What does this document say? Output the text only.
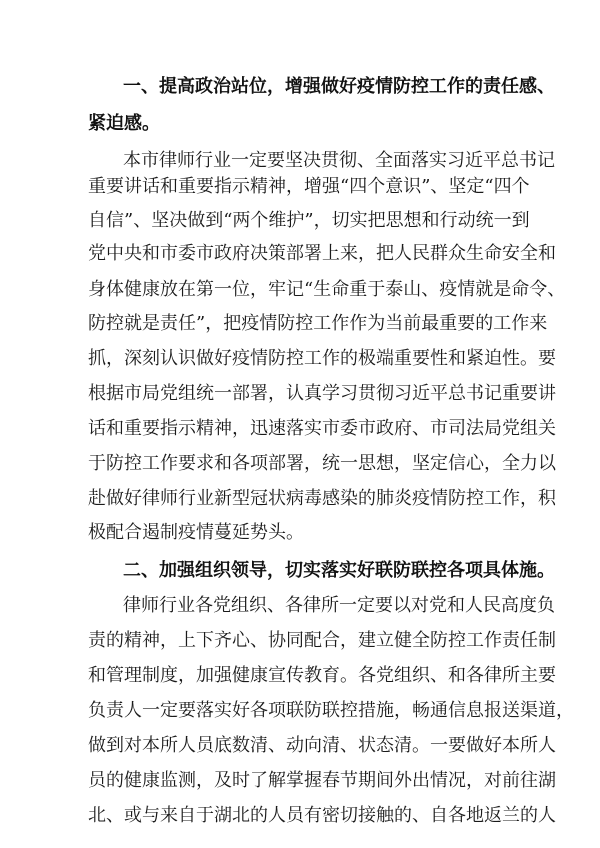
一、提高政治站位，增强做好疫情防控工作的责任感、
紧迫感。
本市律师行业一定要坚决贯彻、全面落实习近平总书记
重要讲话和重要指示精神，增强“四个意识”、坚定“四个
自信”、坚决做到“两个维护”，切实把思想和行动统一到
党中央和市委市政府决策部署上来，把人民群众生命安全和
身体健康放在第一位，牢记“生命重于泰山、疫情就是命令、
防控就是责任”，把疫情防控工作作为当前最重要的工作来
抓，深刻认识做好疫情防控工作的极端重要性和紧迫性。要
根据市局党组统一部署，认真学习贯彻习近平总书记重要讲
话和重要指示精神，迅速落实市委市政府、市司法局党组关
于防控工作要求和各项部署，统一思想，坚定信心，全力以
赴做好律师行业新型冠状病毒感染的肺炎疫情防控工作，积
极配合遏制疫情蔓延势头。
二、加强组织领导，切实落实好联防联控各项具体施。
律师行业各党组织、各律所一定要以对党和人民高度负
责的精神，上下齐心、协同配合，建立健全防控工作责任制
和管理制度，加强健康宣传教育。各党组织、和各律所主要
负责人一定要落实好各项联防联控措施，畅通信息报送渠道，
做到对本所人员底数清、动向清、状态清。一要做好本所人
员的健康监测，及时了解掌握春节期间外出情况，对前往湖
北、或与来自于湖北的人员有密切接触的、自各地返兰的人
